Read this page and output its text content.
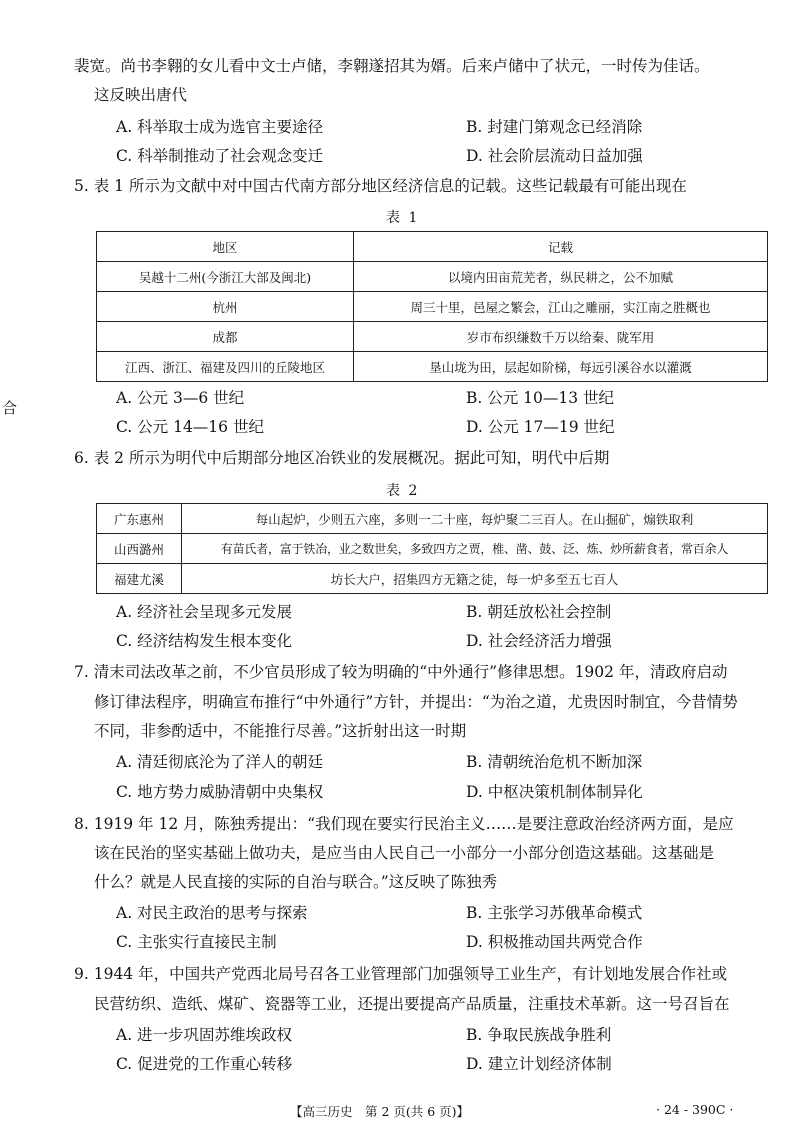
裴宽。尚书李翱的女儿看中文士卢储，李翱遂招其为婿。后来卢储中了状元，一时传为佳话。
这反映出唐代
A. 科举取士成为选官主要途径	B. 封建门第观念已经消除
C. 科举制推动了社会观念变迁	D. 社会阶层流动日益加强
5. 表 1 所示为文献中对中国古代南方部分地区经济信息的记载。这些记载最有可能出现在
表 1
地区	记载
吴越十二州(今浙江大部及闽北)	以境内田亩荒芜者，纵民耕之，公不加赋
杭州	周三十里，邑屋之繁会，江山之雕丽，实江南之胜概也
成都	岁市布织缣数千万以给秦、陇军用
江西、浙江、福建及四川的丘陵地区	垦山垅为田，层起如阶梯，每远引溪谷水以灌溉
合
A. 公元 3—6 世纪	B. 公元 10—13 世纪
C. 公元 14—16 世纪	D. 公元 17—19 世纪
6. 表 2 所示为明代中后期部分地区冶铁业的发展概况。据此可知，明代中后期
表 2
广东惠州	每山起炉，少则五六座，多则一二十座，每炉聚二三百人。在山掘矿，煽铁取利
山西潞州	有苗氏者，富于铁冶，业之数世矣，多致四方之贾，椎、凿、鼓、泛、炼、炒所薪食者，常百余人
福建尤溪	坊长大户，招集四方无籍之徒，每一炉多至五七百人
A. 经济社会呈现多元发展	B. 朝廷放松社会控制
C. 经济结构发生根本变化	D. 社会经济活力增强
7. 清末司法改革之前，不少官员形成了较为明确的“中外通行”修律思想。1902 年，清政府启动
修订律法程序，明确宣布推行“中外通行”方针，并提出：“为治之道，尤贵因时制宜，今昔情势
不同，非参酌适中，不能推行尽善。”这折射出这一时期
A. 清廷彻底沦为了洋人的朝廷	B. 清朝统治危机不断加深
C. 地方势力威胁清朝中央集权	D. 中枢决策机制体制异化
8. 1919 年 12 月，陈独秀提出：“我们现在要实行民治主义……是要注意政治经济两方面，是应
该在民治的坚实基础上做功夫，是应当由人民自己一小部分一小部分创造这基础。这基础是
什么？就是人民直接的实际的自治与联合。”这反映了陈独秀
A. 对民主政治的思考与探索	B. 主张学习苏俄革命模式
C. 主张实行直接民主制	D. 积极推动国共两党合作
9. 1944 年，中国共产党西北局号召各工业管理部门加强领导工业生产，有计划地发展合作社或
民营纺织、造纸、煤矿、瓷器等工业，还提出要提高产品质量，注重技术革新。这一号召旨在
A. 进一步巩固苏维埃政权	B. 争取民族战争胜利
C. 促进党的工作重心转移	D. 建立计划经济体制
【高三历史　第 2 页(共 6 页)】	· 24 - 390C ·
